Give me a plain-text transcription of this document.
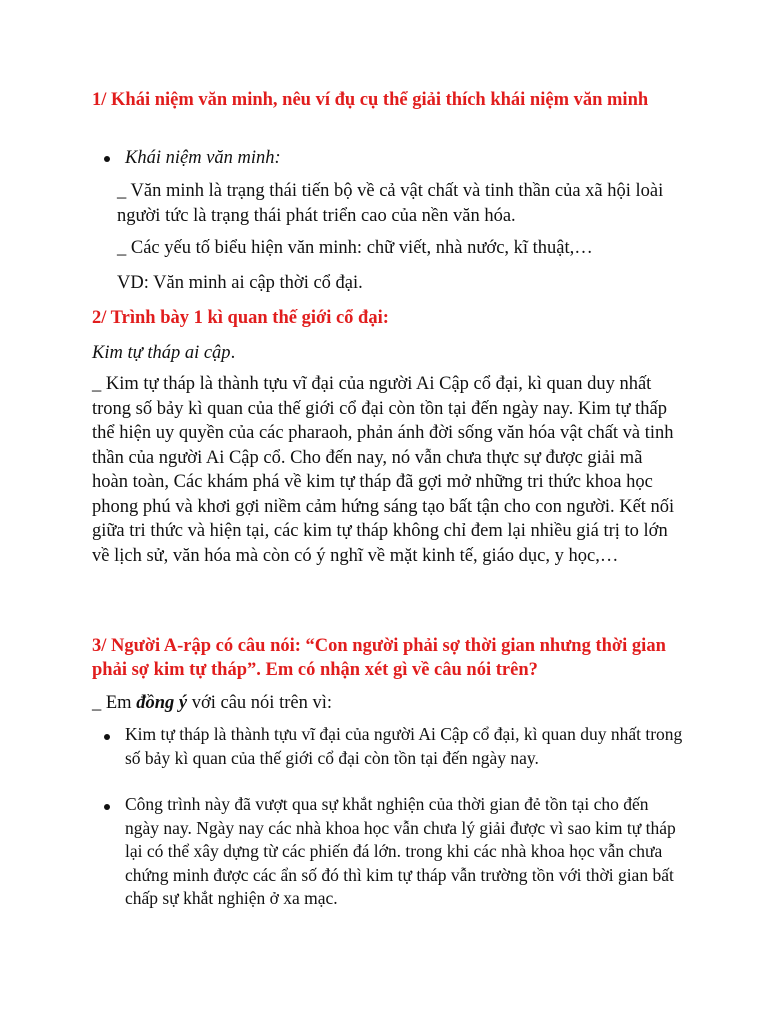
1/ Khái niệm văn minh, nêu ví đụ cụ thể giải thích khái niệm văn minh
Khái niệm văn minh:
_ Văn minh là trạng thái tiến bộ về cả vật chất và tinh thần của xã hội loài người tức là trạng thái phát triển cao của nền văn hóa.
_ Các yếu tố biểu hiện văn minh: chữ viết, nhà nước, kĩ thuật,…
VD: Văn minh ai cập thời cổ đại.
2/ Trình bày 1 kì quan thế giới cổ đại:
Kim tự tháp ai cập.
_ Kim tự tháp là thành tựu vĩ đại của người Ai Cập cổ đại, kì quan duy nhất trong số bảy kì quan của thế giới cổ đại còn tồn tại đến ngày nay. Kim tự thấp thể hiện uy quyền của các pharaoh, phản ánh đời sống văn hóa vật chất và tinh thần của người Ai Cập cổ. Cho đến nay, nó vẫn chưa thực sự được giải mã hoàn toàn, Các khám phá về kim tự tháp đã gợi mở những tri thức khoa học phong phú và khơi gợi niềm cảm hứng sáng tạo bất tận cho con người. Kết nối giữa tri thức và hiện tại, các kim tự tháp không chỉ đem lại nhiều giá trị to lớn về lịch sử, văn hóa mà còn có ý nghĩ về mặt kinh tế, giáo dục, y học,…
3/ Người A-rập có câu nói: “Con người phải sợ thời gian nhưng thời gian phải sợ kim tự tháp”. Em có nhận xét gì về câu nói trên?
_ Em đồng ý với câu nói trên vì:
Kim tự tháp là thành tựu vĩ đại của người Ai Cập cổ đại, kì quan duy nhất trong số bảy kì quan của thế giới cổ đại còn tồn tại đến ngày nay.
Công trình này đã vượt qua sự khắt nghiện của thời gian đẻ tồn tại cho đến ngày nay. Ngày nay các nhà khoa học vẫn chưa lý giải được vì sao kim tự tháp lại có thể xây dựng từ các phiến đá lớn. trong khi các nhà khoa học vẫn chưa chứng minh được các ẩn số đó thì kim tự tháp vẫn trường tồn với thời gian bất chấp sự khắt nghiện ở xa mạc.
